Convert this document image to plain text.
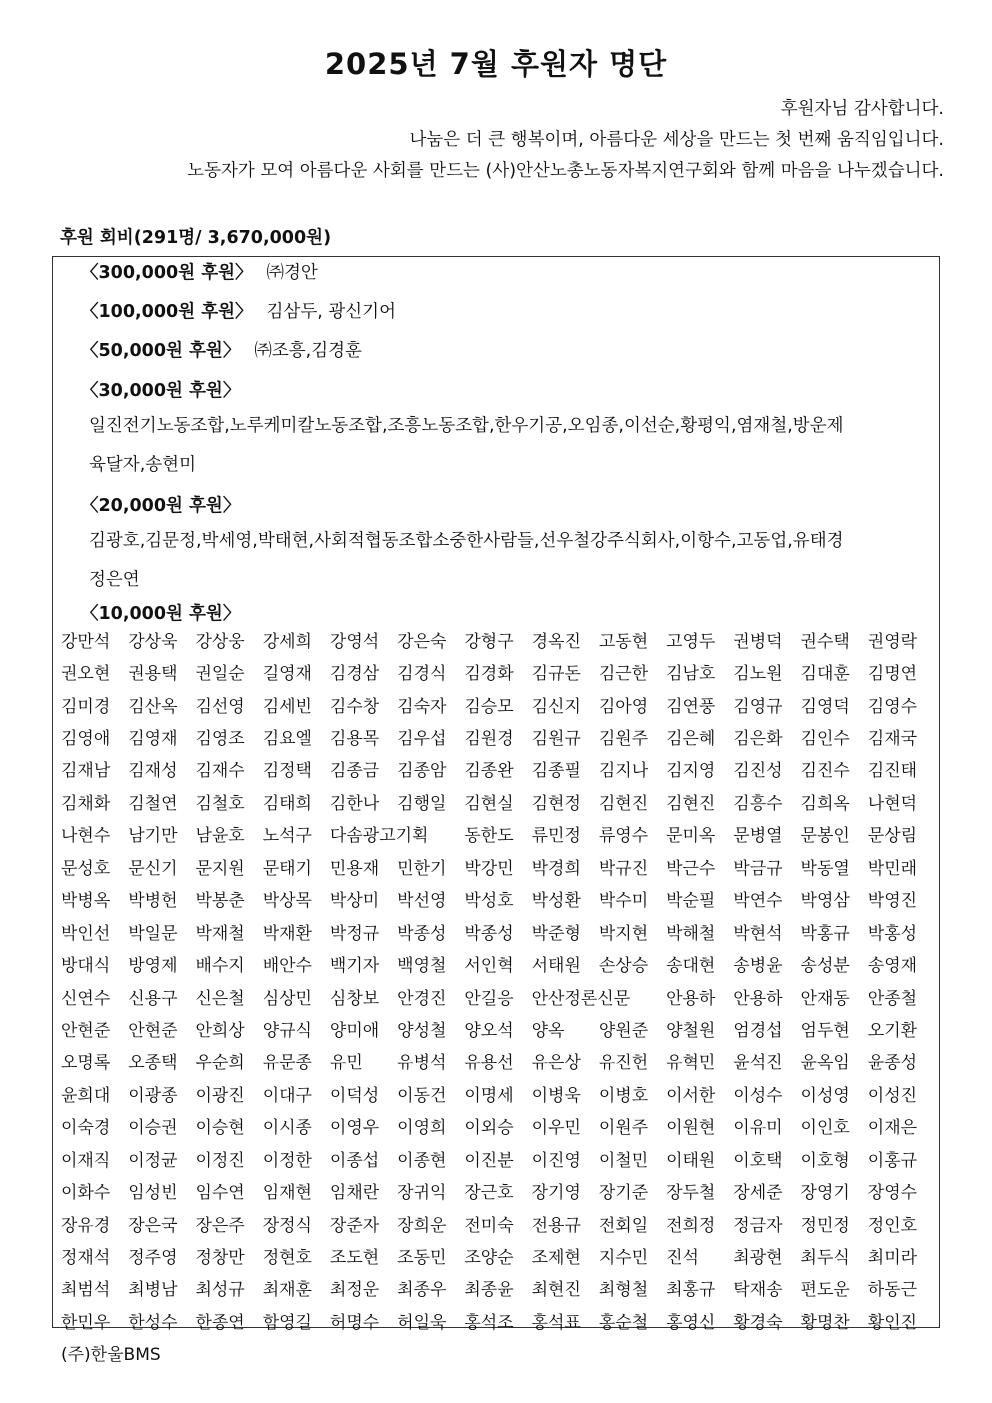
2025년 7월 후원자 명단
후원자님 감사합니다.
나눔은 더 큰 행복이며, 아름다운 세상을 만드는 첫 번째 움직임입니다.
노동자가 모여 아름다운 사회를 만드는 (사)안산노총노동자복지연구회와 함께 마음을 나누겠습니다.
후원 회비(291명/ 3,670,000원)
〈300,000원 후원〉 ㈜경안
〈100,000원 후원〉 김삼두, 광신기어
〈50,000원 후원〉 ㈜조흥,김경훈
〈30,000원 후원〉
일진전기노동조합,노루케미칼노동조합,조흥노동조합,한우기공,오임종,이선순,황평익,염재철,방운제
육달자,송현미
〈20,000원 후원〉
김광호,김문정,박세영,박태현,사회적협동조합소중한사람들,선우철강주식회사,이항수,고동업,유태경
정은연
〈10,000원 후원〉
강만석	강상욱	강상웅	강세희	강영석	강은숙	강형구	경옥진	고동현	고영두	권병덕	권수택	권영락
권오현	권용택	권일순	길영재	김경삼	김경식	김경화	김규돈	김근한	김남호	김노원	김대훈	김명연
김미경	김산옥	김선영	김세빈	김수창	김숙자	김승모	김신지	김아영	김연풍	김영규	김영덕	김영수
김영애	김영재	김영조	김요엘	김용목	김우섭	김원경	김원규	김원주	김은혜	김은화	김인수	김재국
김재남	김재성	김재수	김정택	김종금	김종암	김종완	김종필	김지나	김지영	김진성	김진수	김진태
김채화	김철연	김철호	김태희	김한나	김행일	김현실	김현정	김현진	김현진	김흥수	김희옥	나현덕
나현수	남기만	남윤호	노석구	다솜광고기획	동한도	류민정	류영수	문미옥	문병열	문봉인	문상림
문성호	문신기	문지원	문태기	민용재	민한기	박강민	박경희	박규진	박근수	박금규	박동열	박민래
박병옥	박병헌	박봉춘	박상목	박상미	박선영	박성호	박성환	박수미	박순필	박연수	박영삼	박영진
박인선	박일문	박재철	박재환	박정규	박종성	박종성	박준형	박지현	박해철	박현석	박홍규	박홍성
방대식	방영제	배수지	배안수	백기자	백영철	서인혁	서태원	손상승	송대현	송병윤	송성분	송영재
신연수	신용구	신은철	심상민	심창보	안경진	안길응	안산정론신문	안용하	안용하	안재동	안종철
안현준	안현준	안희상	양규식	양미애	양성철	양오석	양옥	양원준	양철원	엄경섭	엄두현	오기환
오명록	오종택	우순희	유문종	유민	유병석	유용선	유은상	유진헌	유혁민	윤석진	윤옥임	윤종성
윤희대	이광종	이광진	이대구	이덕성	이동건	이명세	이병욱	이병호	이서한	이성수	이성영	이성진
이숙경	이승권	이승현	이시종	이영우	이영희	이외승	이우민	이원주	이원현	이유미	이인호	이재은
이재직	이정균	이정진	이정한	이종섭	이종현	이진분	이진영	이철민	이태원	이호택	이호형	이홍규
이화수	임성빈	임수연	임재현	임채란	장귀익	장근호	장기영	장기준	장두철	장세준	장영기	장영수
장유경	장은국	장은주	장정식	장준자	장희운	전미숙	전용규	전회일	전희정	정금자	정민정	정인호
정재석	정주영	정창만	정현호	조도현	조동민	조양순	조제현	지수민	진석	최광현	최두식	최미라
최범석	최병남	최성규	최재훈	최정운	최종우	최종윤	최현진	최형철	최홍규	탁재송	편도운	하동근
한민우	한성수	한종연	함영길	허명수	허일욱	홍석조	홍석표	홍순철	홍영신	황경숙	황명찬	황인진
(주)한울BMS
